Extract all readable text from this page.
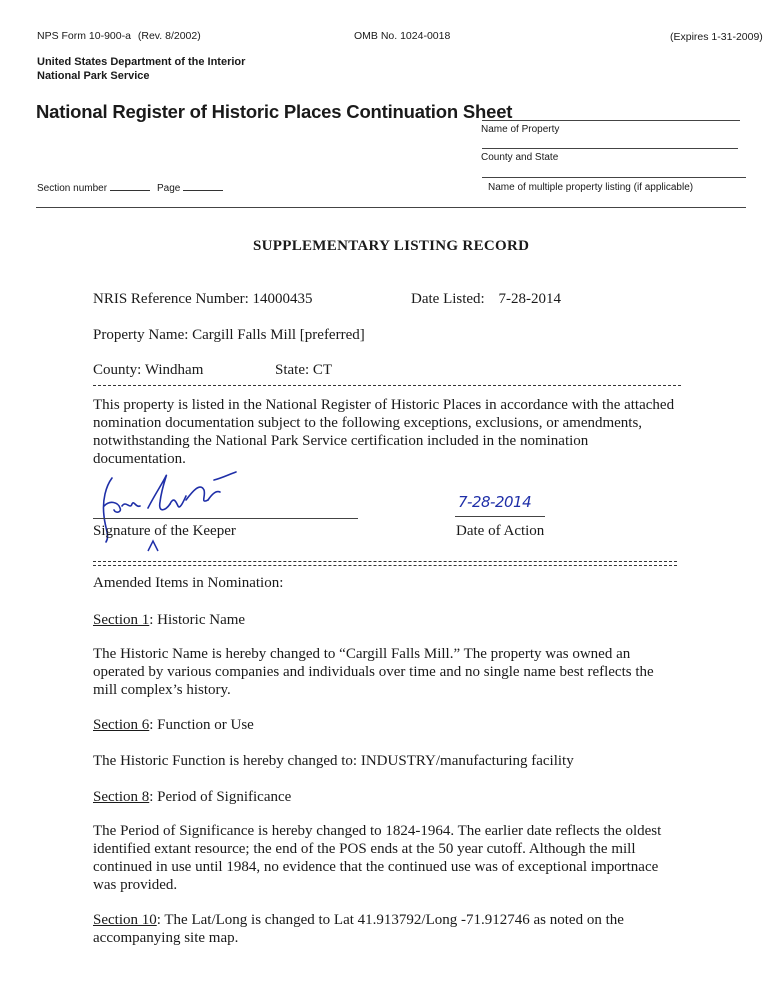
NPS Form 10-900-a (Rev. 8/2002)	OMB No. 1024-0018	(Expires 1-31-2009)
United States Department of the Interior
National Park Service
National Register of Historic Places Continuation Sheet
Name of Property
County and State
Name of multiple property listing (if applicable)
Section number	Page
SUPPLEMENTARY LISTING RECORD
NRIS Reference Number: 14000435	Date Listed: 7-28-2014
Property Name: Cargill Falls Mill [preferred]
County: Windham	State: CT
This property is listed in the National Register of Historic Places in accordance with the attached nomination documentation subject to the following exceptions, exclusions, or amendments, notwithstanding the National Park Service certification included in the nomination documentation.
Signature of the Keeper
7-28-2014
Date of Action
Amended Items in Nomination:
Section 1: Historic Name
The Historic Name is hereby changed to “Cargill Falls Mill.” The property was owned an operated by various companies and individuals over time and no single name best reflects the mill complex’s history.
Section 6: Function or Use
The Historic Function is hereby changed to: INDUSTRY/manufacturing facility
Section 8: Period of Significance
The Period of Significance is hereby changed to 1824-1964. The earlier date reflects the oldest identified extant resource; the end of the POS ends at the 50 year cutoff. Although the mill continued in use until 1984, no evidence that the continued use was of exceptional importnace was provided.
Section 10: The Lat/Long is changed to Lat 41.913792/Long -71.912746 as noted on the accompanying site map.
